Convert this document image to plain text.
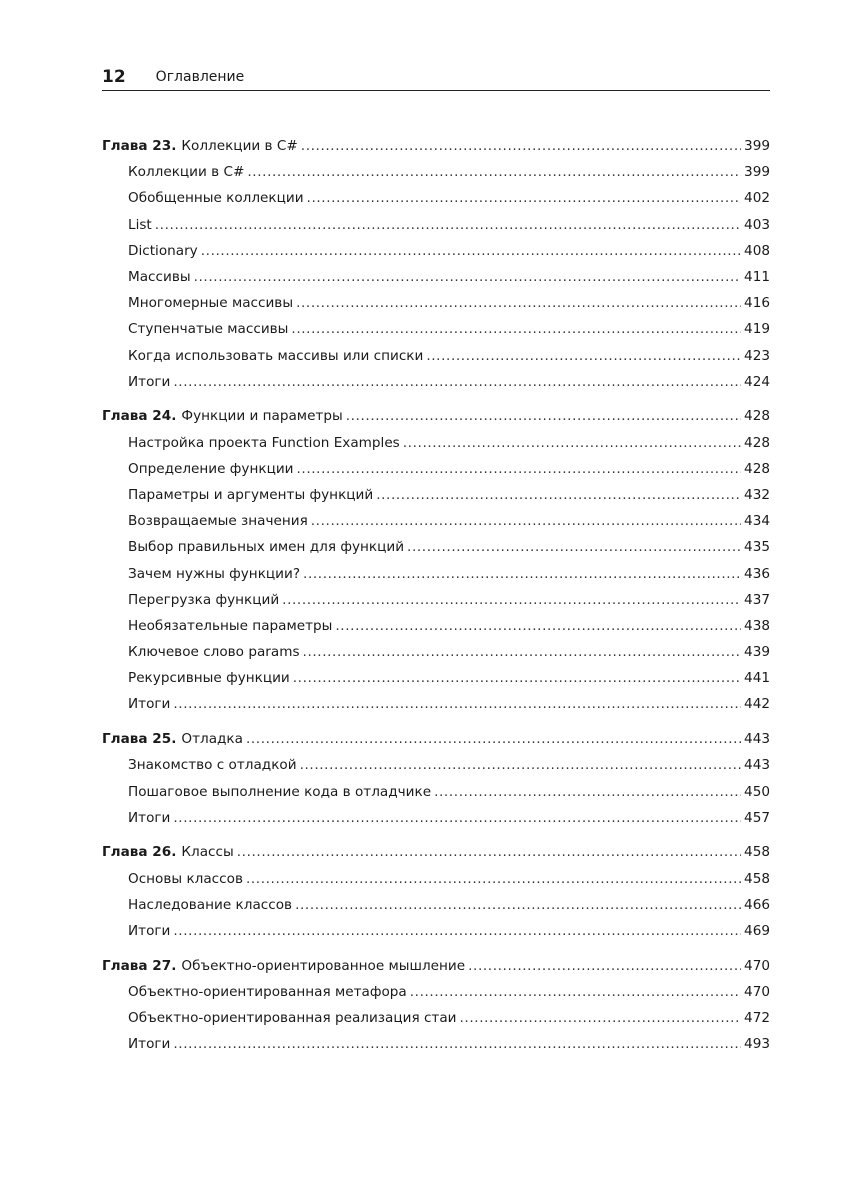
12 Оглавление
Глава 23. Коллекции в C# .....	399
Коллекции в C# .....	399
Обобщенные коллекции .....	402
List .....	403
Dictionary .....	408
Массивы .....	411
Многомерные массивы .....	416
Ступенчатые массивы .....	419
Когда использовать массивы или списки .....	423
Итоги .....	424
Глава 24. Функции и параметры .....	428
Настройка проекта Function Examples .....	428
Определение функции .....	428
Параметры и аргументы функций .....	432
Возвращаемые значения .....	434
Выбор правильных имен для функций .....	435
Зачем нужны функции? .....	436
Перегрузка функций .....	437
Необязательные параметры .....	438
Ключевое слово params .....	439
Рекурсивные функции .....	441
Итоги .....	442
Глава 25. Отладка .....	443
Знакомство с отладкой .....	443
Пошаговое выполнение кода в отладчике .....	450
Итоги .....	457
Глава 26. Классы .....	458
Основы классов .....	458
Наследование классов .....	466
Итоги .....	469
Глава 27. Объектно-ориентированное мышление .....	470
Объектно-ориентированная метафора .....	470
Объектно-ориентированная реализация стаи .....	472
Итоги .....	493
